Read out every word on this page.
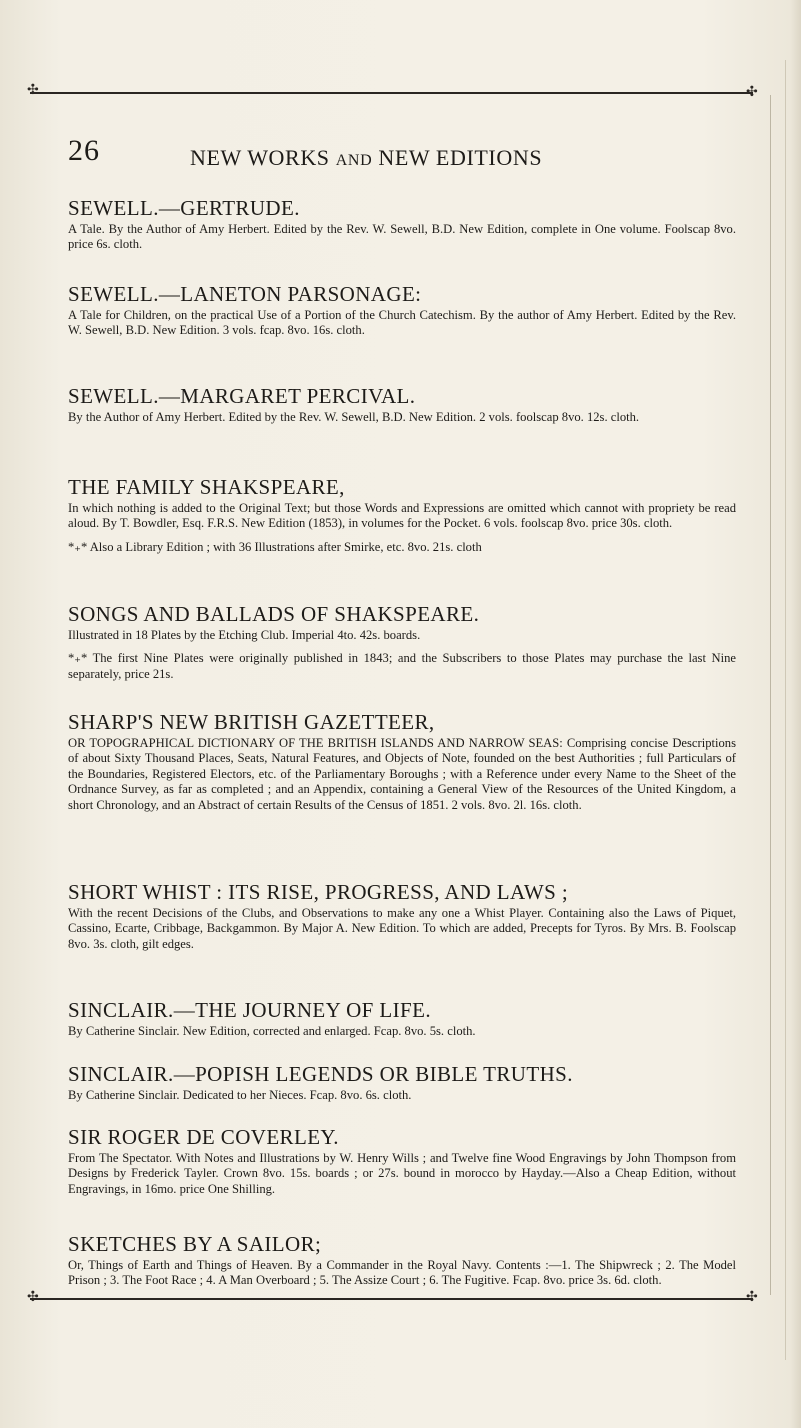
✣	✣
26	NEW WORKS AND NEW EDITIONS
SEWELL.—GERTRUDE.

A Tale. By the Author of Amy Herbert. Edited by the Rev. W. Sewell, B.D. New Edition, complete in One volume. Foolscap 8vo. price 6s. cloth.

SEWELL.—LANETON PARSONAGE:

A Tale for Children, on the practical Use of a Portion of the Church Catechism. By the author of Amy Herbert. Edited by the Rev. W. Sewell, B.D. New Edition. 3 vols. fcap. 8vo. 16s. cloth.

SEWELL.—MARGARET PERCIVAL.

By the Author of Amy Herbert. Edited by the Rev. W. Sewell, B.D. New Edition. 2 vols. foolscap 8vo. 12s. cloth.

THE FAMILY SHAKSPEARE,

In which nothing is added to the Original Text; but those Words and Expressions are omitted which cannot with propriety be read aloud. By T. Bowdler, Esq. F.R.S. New Edition (1853), in volumes for the Pocket. 6 vols. foolscap 8vo. price 30s. cloth.

*₊* Also a Library Edition ; with 36 Illustrations after Smirke, etc. 8vo. 21s. cloth

SONGS AND BALLADS OF SHAKSPEARE.

Illustrated in 18 Plates by the Etching Club. Imperial 4to. 42s. boards.

*₊* The first Nine Plates were originally published in 1843; and the Subscribers to those Plates may purchase the last Nine separately, price 21s.

SHARP'S NEW BRITISH GAZETTEER,

OR TOPOGRAPHICAL DICTIONARY OF THE BRITISH ISLANDS AND NARROW SEAS: Comprising concise Descriptions of about Sixty Thousand Places, Seats, Natural Features, and Objects of Note, founded on the best Authorities ; full Particulars of the Boundaries, Registered Electors, etc. of the Parliamentary Boroughs ; with a Reference under every Name to the Sheet of the Ordnance Survey, as far as completed ; and an Appendix, containing a General View of the Resources of the United Kingdom, a short Chronology, and an Abstract of certain Results of the Census of 1851. 2 vols. 8vo. 2l. 16s. cloth.

SHORT WHIST : ITS RISE, PROGRESS, AND LAWS ;

With the recent Decisions of the Clubs, and Observations to make any one a Whist Player. Containing also the Laws of Piquet, Cassino, Ecarte, Cribbage, Backgammon. By Major A. New Edition. To which are added, Precepts for Tyros. By Mrs. B. Foolscap 8vo. 3s. cloth, gilt edges.

SINCLAIR.—THE JOURNEY OF LIFE.

By Catherine Sinclair. New Edition, corrected and enlarged. Fcap. 8vo. 5s. cloth.

SINCLAIR.—POPISH LEGENDS OR BIBLE TRUTHS.

By Catherine Sinclair. Dedicated to her Nieces. Fcap. 8vo. 6s. cloth.

SIR ROGER DE COVERLEY.

From The Spectator. With Notes and Illustrations by W. Henry Wills ; and Twelve fine Wood Engravings by John Thompson from Designs by Frederick Tayler. Crown 8vo. 15s. boards ; or 27s. bound in morocco by Hayday.—Also a Cheap Edition, without Engravings, in 16mo. price One Shilling.

SKETCHES BY A SAILOR;

Or, Things of Earth and Things of Heaven. By a Commander in the Royal Navy. Contents :—1. The Shipwreck ; 2. The Model Prison ; 3. The Foot Race ; 4. A Man Overboard ; 5. The Assize Court ; 6. The Fugitive. Fcap. 8vo. price 3s. 6d. cloth.

✣	✣
